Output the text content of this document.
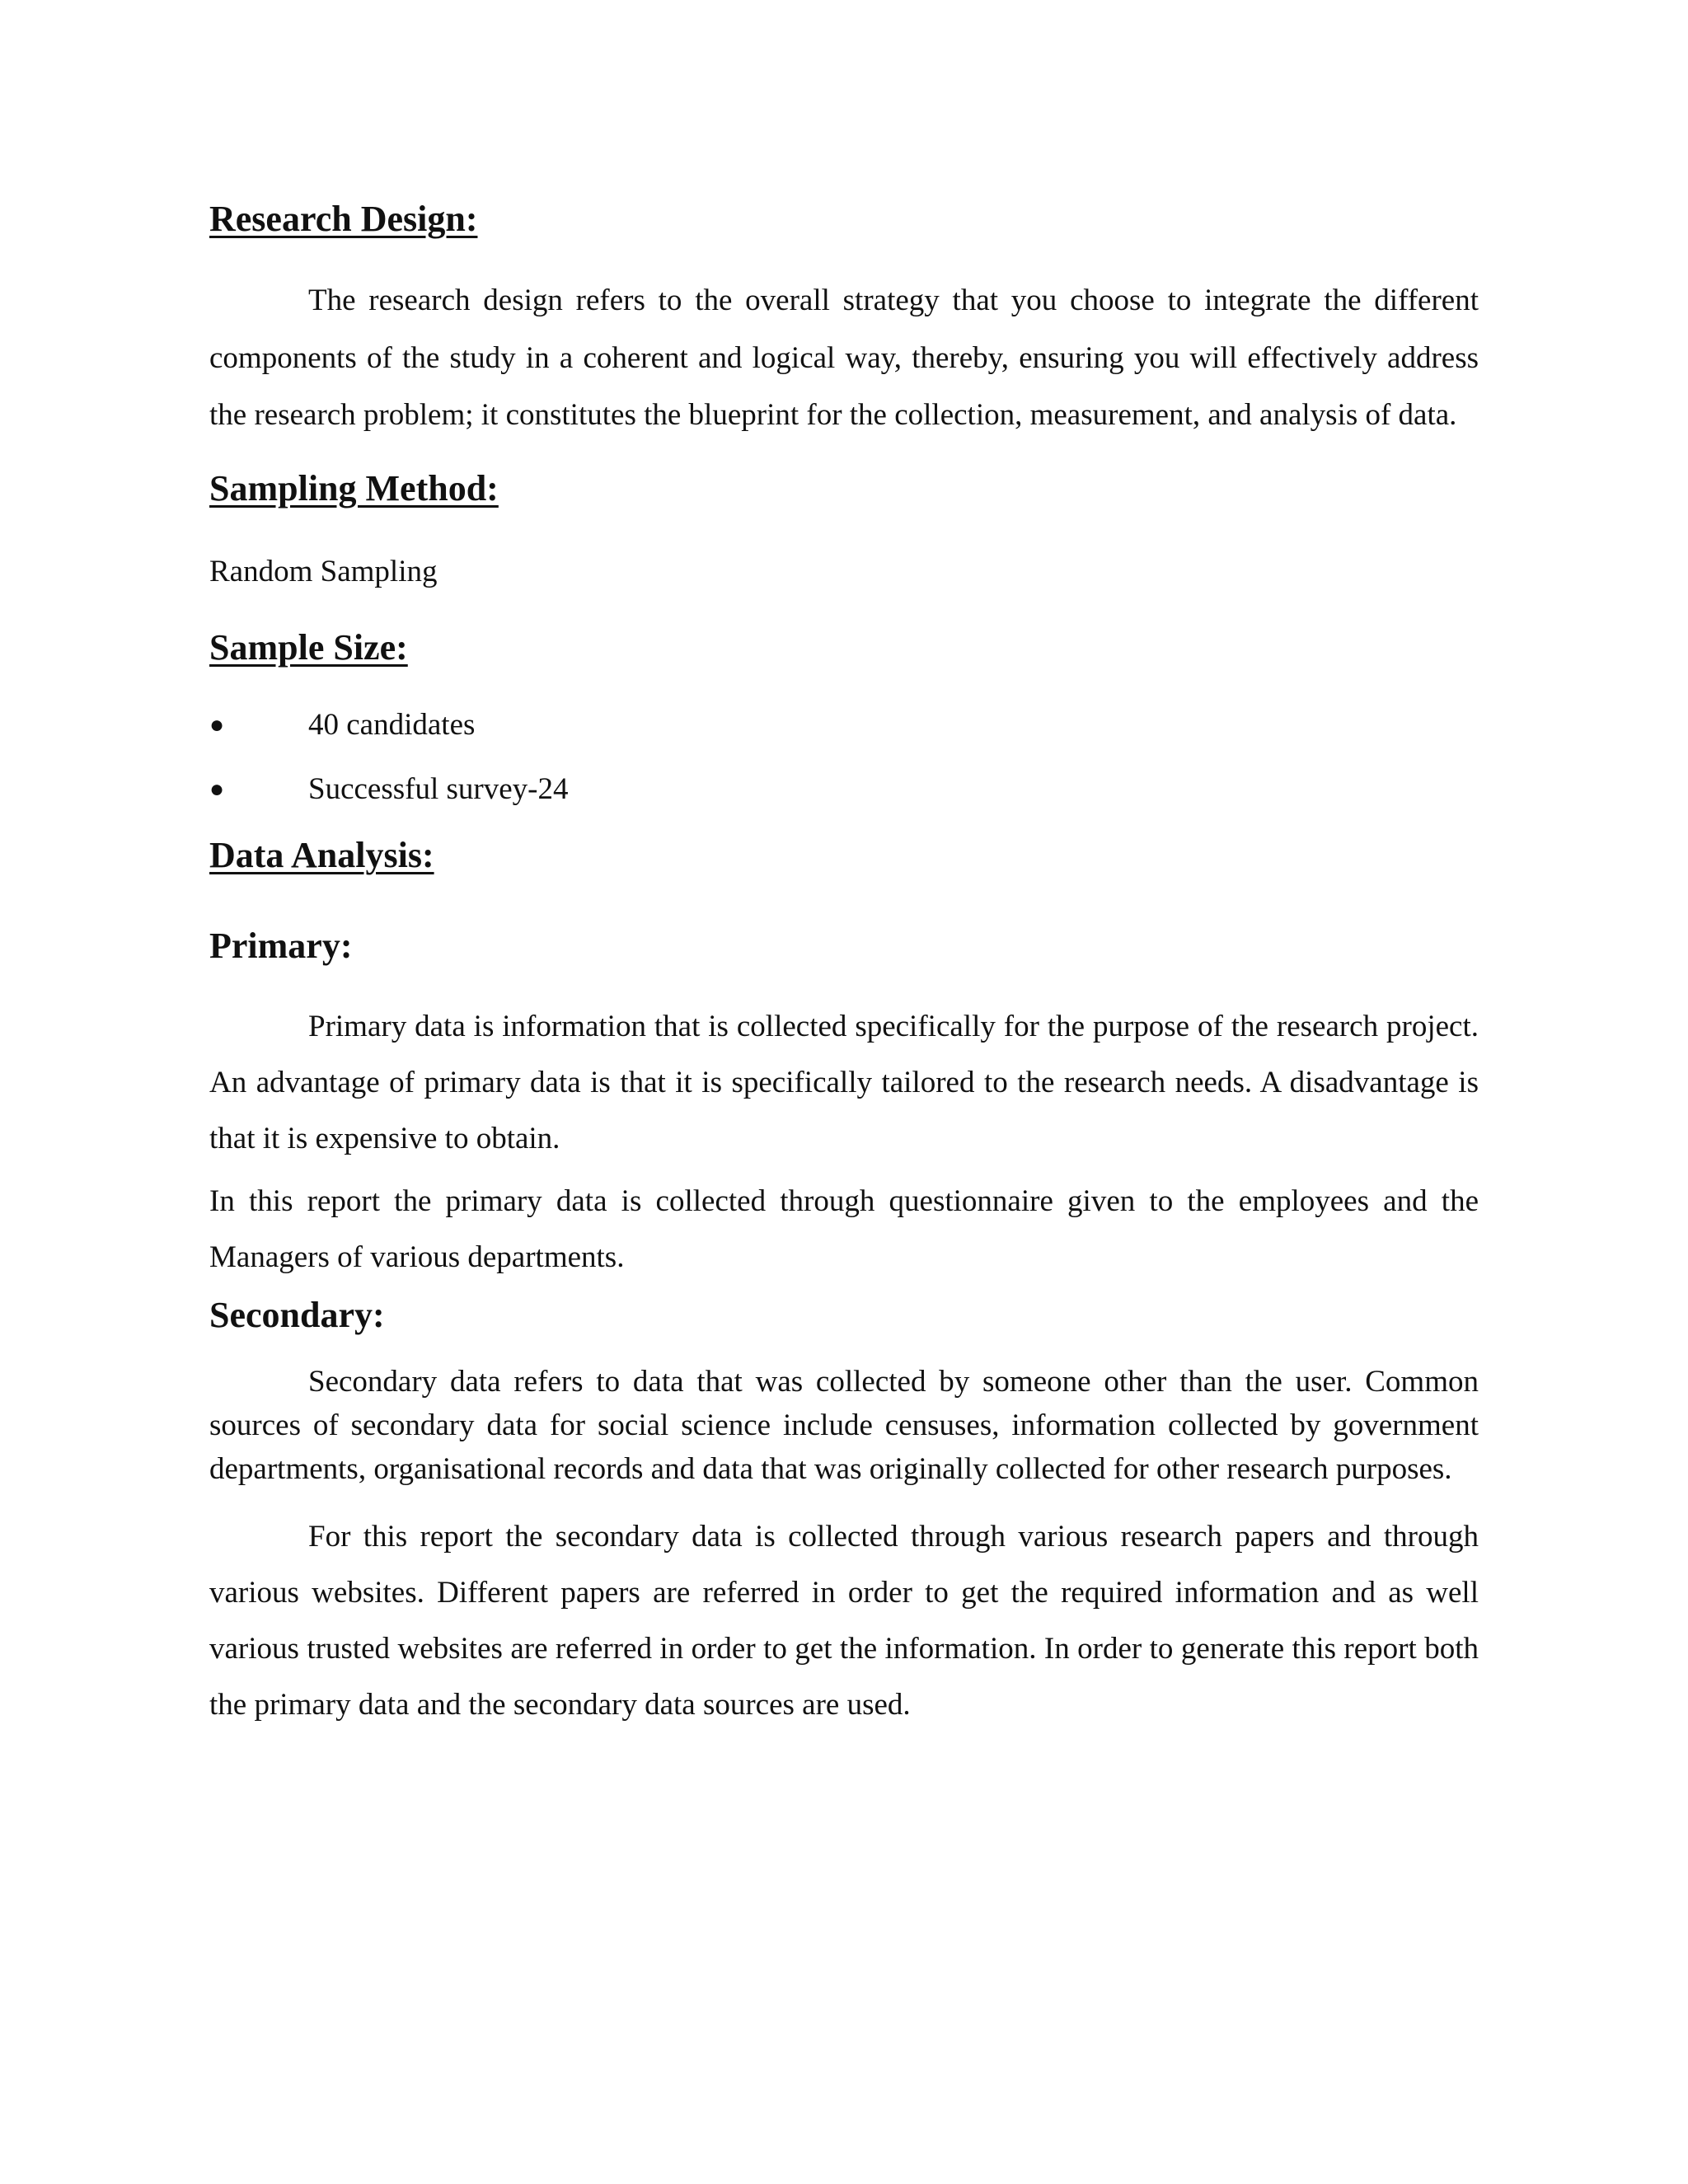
Research Design:

The research design refers to the overall strategy that you choose to integrate the different components of the study in a coherent and logical way, thereby, ensuring you will effectively address the research problem; it constitutes the blueprint for the collection, measurement, and analysis of data.

Sampling Method:

Random Sampling

Sample Size:
●	40 candidates
●	Successful survey-24
Data Analysis:
Primary:

Primary data is information that is collected specifically for the purpose of the research project. An advantage of primary data is that it is specifically tailored to the research needs. A disadvantage is that it is expensive to obtain.

In this report the primary data is collected through questionnaire given to the employees and the Managers of various departments.

Secondary:

Secondary data refers to data that was collected by someone other than the user. Common sources of secondary data for social science include censuses, information collected by government departments, organisational records and data that was originally collected for other research purposes.

For this report the secondary data is collected through various research papers and through various websites. Different papers are referred in order to get the required information and as well various trusted websites are referred in order to get the information. In order to generate this report both the primary data and the secondary data sources are used.
